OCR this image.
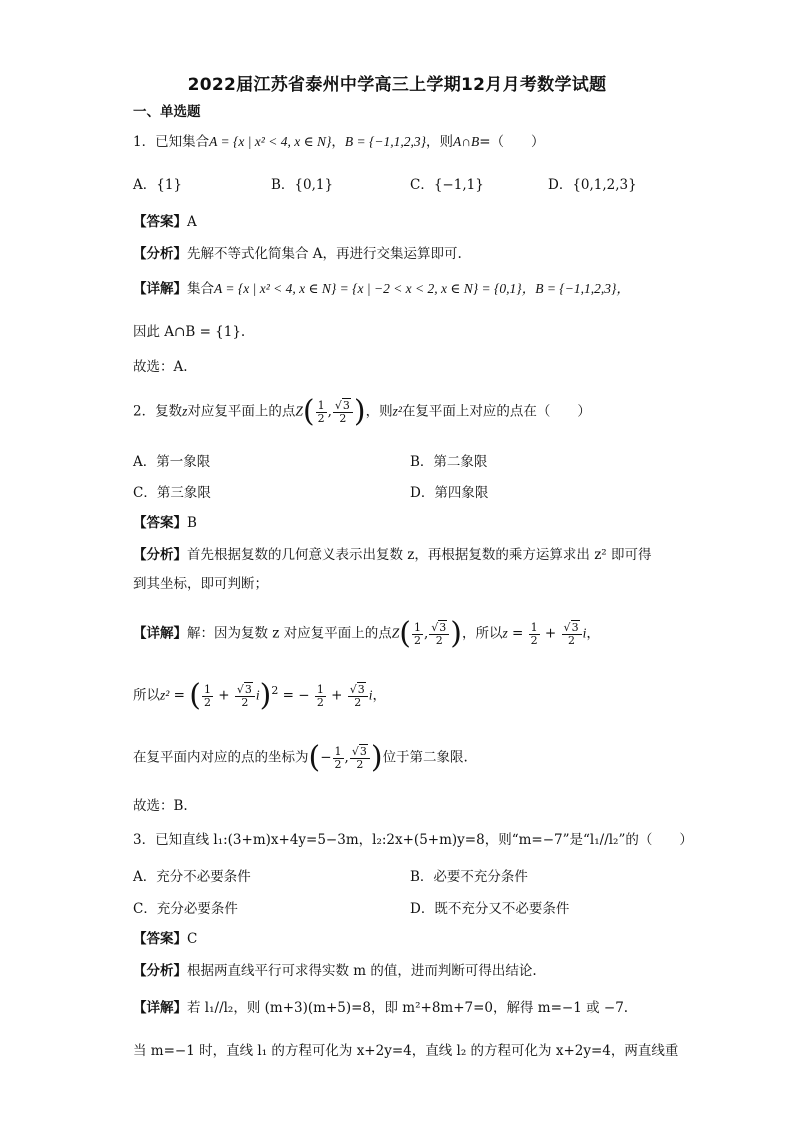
2022届江苏省泰州中学高三上学期12月月考数学试题
一、单选题
1．已知集合A = {x | x² < 4, x ∈ N}，B = {−1,1,2,3}，则A∩B=（　　）
A．{1}	B．{0,1}	C．{−1,1}	D．{0,1,2,3}
【答案】A
【分析】先解不等式化简集合 A，再进行交集运算即可.
【详解】集合A = {x | x² < 4, x ∈ N} = {x | −2 < x < 2, x ∈ N} = {0,1}，B = {−1,1,2,3}，
因此 A∩B = {1}.
故选：A.
2．复数z对应复平面上的点$Z( \frac{1}{2}$ , $\frac{√3}{2}$ )，则z²在复平面上对应的点在（　　）
A．第一象限	B．第二象限
C．第三象限	D．第四象限
【答案】B
【分析】首先根据复数的几何意义表示出复数 z，再根据复数的乘方运算求出 z² 即可得
到其坐标，即可判断；
【详解】解：因为复数 z 对应复平面上的点$Z( \frac{1}{2}$ , $\frac{√3}{2}$ )，所以$z = \frac{1}{2} + \frac{√3}{2}$ i，
所以z² = ( $\frac{1}{2} + \frac{√3}{2} i)^2$ = − $\frac{1}{2} + \frac{√3}{2}$ i，
在复平面内对应的点的坐标为(− $\frac{1}{2}$ , $\frac{√3}{2}$ )位于第二象限.
故选：B.
3．已知直线 l₁:(3+m)x+4y=5−3m，l₂:2x+(5+m)y=8，则“m=−7”是“l₁//l₂”的（　　）
A．充分不必要条件	B．必要不充分条件
C．充分必要条件	D．既不充分又不必要条件
【答案】C
【分析】根据两直线平行可求得实数 m 的值，进而判断可得出结论.
【详解】若 l₁//l₂，则 (m+3)(m+5)=8，即 m²+8m+7=0，解得 m=−1 或 −7.
当 m=−1 时，直线 l₁ 的方程可化为 x+2y=4，直线 l₂ 的方程可化为 x+2y=4，两直线重
